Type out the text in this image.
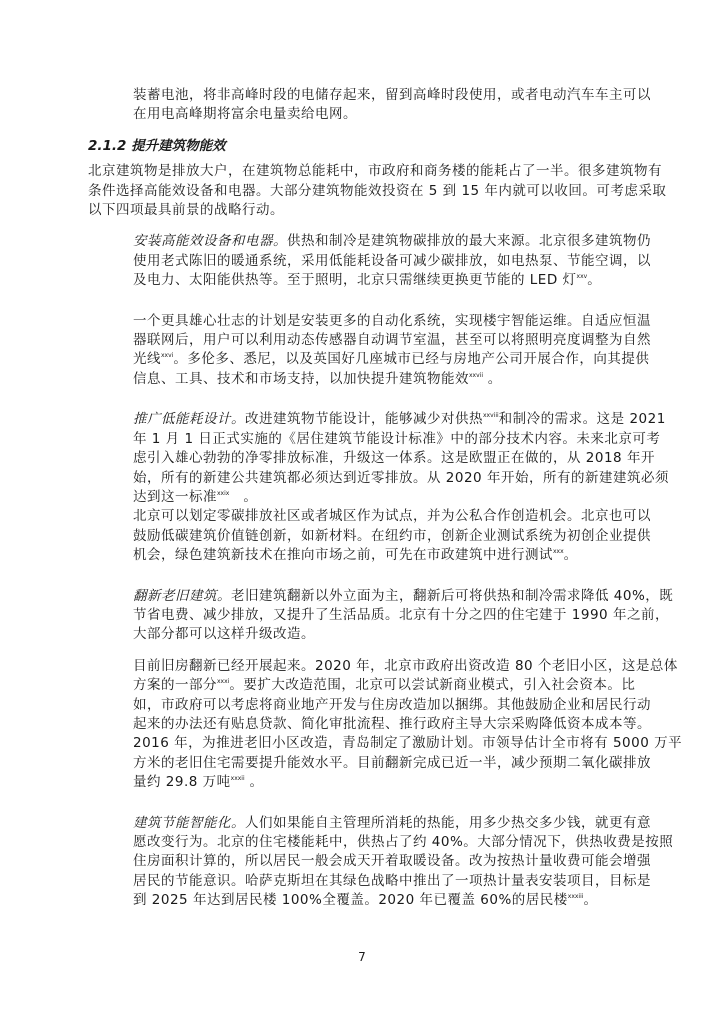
装蓄电池，将非高峰时段的电储存起来，留到高峰时段使用，或者电动汽车车主可以
在用电高峰期将富余电量卖给电网。

2.1.2 提升建筑物能效

北京建筑物是排放大户，在建筑物总能耗中，市政府和商务楼的能耗占了一半。很多建筑物有
条件选择高能效设备和电器。大部分建筑物能效投资在 5 到 15 年内就可以收回。可考虑采取
以下四项最具前景的战略行动。

安装高能效设备和电器。供热和制冷是建筑物碳排放的最大来源。北京很多建筑物仍
使用老式陈旧的暖通系统，采用低能耗设备可减少碳排放，如电热泵、节能空调，以
及电力、太阳能供热等。至于照明，北京只需继续更换更节能的 LED 灯$^{xxv}$。

一个更具雄心壮志的计划是安装更多的自动化系统，实现楼宇智能运维。自适应恒温
器联网后，用户可以利用动态传感器自动调节室温，甚至可以将照明亮度调整为自然
光线$^{xxvi}$。多伦多、悉尼，以及英国好几座城市已经与房地产公司开展合作，向其提供
信息、工具、技术和市场支持，以加快提升建筑物能效$^{xxvii}$ 。

推广低能耗设计。改进建筑物节能设计，能够减少对供热$^{xxviii}$和制冷的需求。这是 2021
年 1 月 1 日正式实施的《居住建筑节能设计标准》中的部分技术内容。未来北京可考
虑引入雄心勃勃的净零排放标准，升级这一体系。这是欧盟正在做的，从 2018 年开
始，所有的新建公共建筑都必须达到近零排放。从 2020 年开始，所有的新建建筑必须
达到这一标准$^{xxix}$　。
北京可以划定零碳排放社区或者城区作为试点，并为公私合作创造机会。北京也可以
鼓励低碳建筑价值链创新，如新材料。在纽约市，创新企业测试系统为初创企业提供
机会，绿色建筑新技术在推向市场之前，可先在市政建筑中进行测试$^{xxx}$。

翻新老旧建筑。老旧建筑翻新以外立面为主，翻新后可将供热和制冷需求降低 40%，既
节省电费、减少排放，又提升了生活品质。北京有十分之四的住宅建于 1990 年之前，
大部分都可以这样升级改造。

目前旧房翻新已经开展起来。2020 年，北京市政府出资改造 80 个老旧小区，这是总体
方案的一部分$^{xxxi}$。要扩大改造范围，北京可以尝试新商业模式，引入社会资本。比
如，市政府可以考虑将商业地产开发与住房改造加以捆绑。其他鼓励企业和居民行动
起来的办法还有贴息贷款、简化审批流程、推行政府主导大宗采购降低资本成本等。
2016 年，为推进老旧小区改造，青岛制定了激励计划。市领导估计全市将有 5000 万平
方米的老旧住宅需要提升能效水平。目前翻新完成已近一半，减少预期二氧化碳排放
量约 29.8 万吨$^{xxxii}$ 。

建筑节能智能化。人们如果能自主管理所消耗的热能，用多少热交多少钱，就更有意
愿改变行为。北京的住宅楼能耗中，供热占了约 40%。大部分情况下，供热收费是按照
住房面积计算的，所以居民一般会成天开着取暖设备。改为按热计量收费可能会增强
居民的节能意识。哈萨克斯坦在其绿色战略中推出了一项热计量表安装项目，目标是
到 2025 年达到居民楼 100%全覆盖。2020 年已覆盖 60%的居民楼$^{xxxiii}$。

7
